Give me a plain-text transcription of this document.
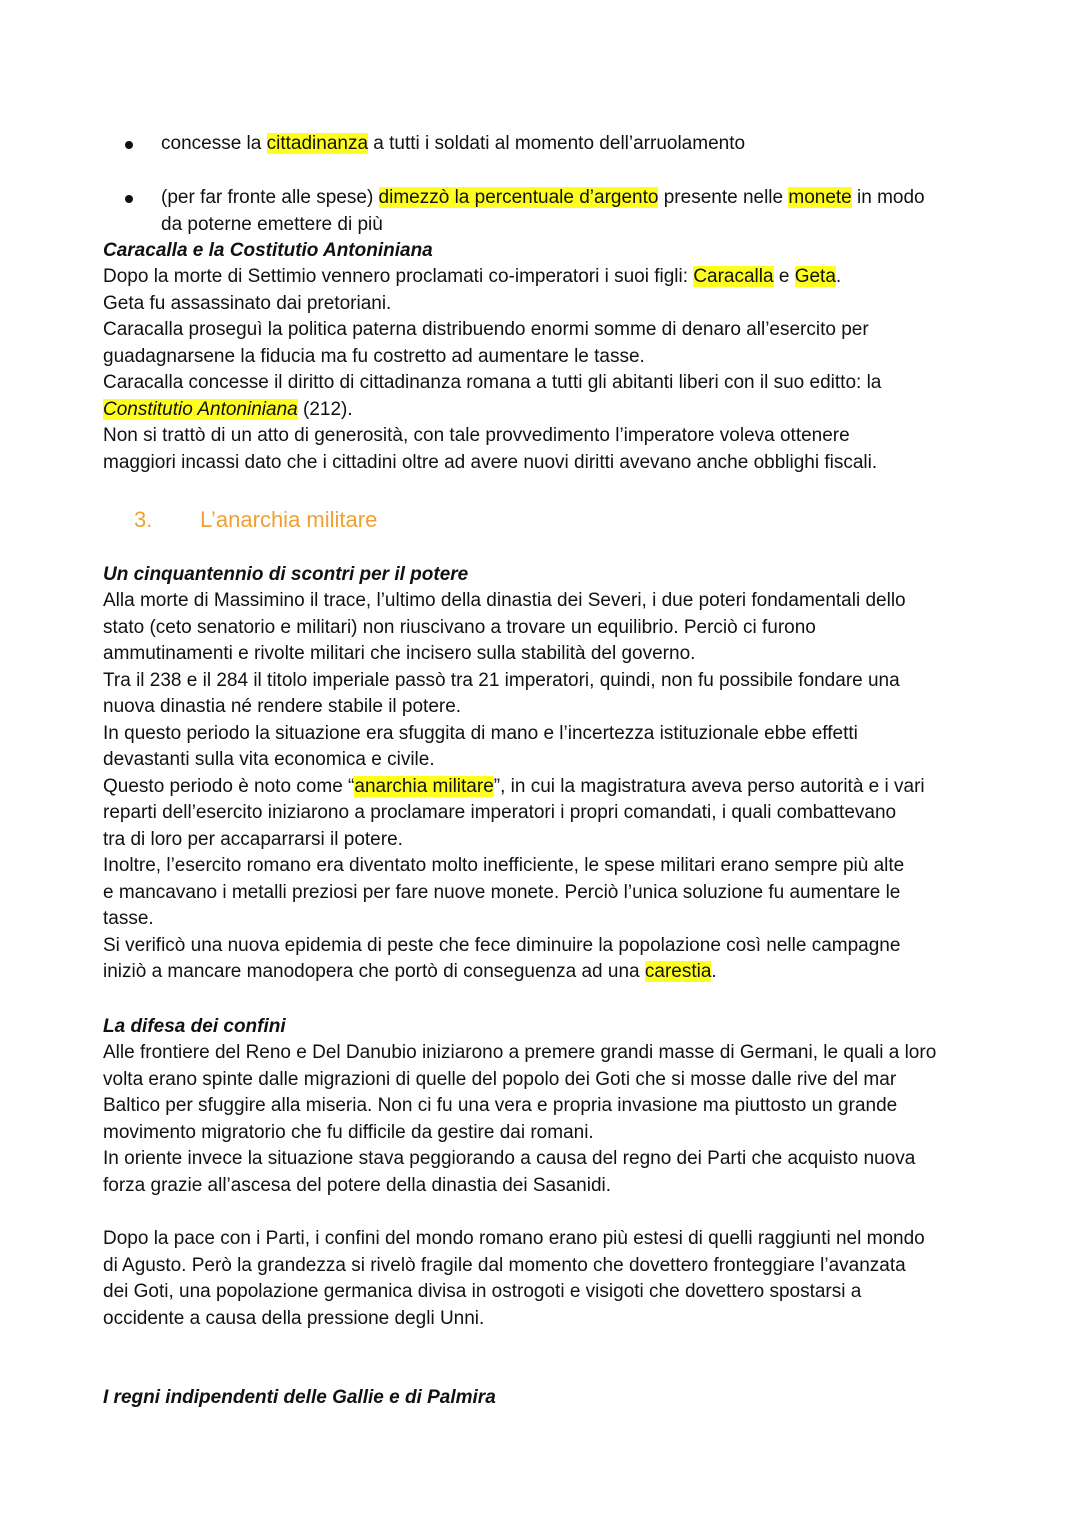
concesse la cittadinanza a tutti i soldati al momento dell’arruolamento
(per far fronte alle spese) dimezzò la percentuale d’argento presente nelle monete in modo
da poterne emettere di più
Caracalla e la Costitutio Antoniniana
Dopo la morte di Settimio vennero proclamati co-imperatori i suoi figli: Caracalla e Geta.
Geta fu assassinato dai pretoriani.
Caracalla proseguì la politica paterna distribuendo enormi somme di denaro all’esercito per
guadagnarsene la fiducia ma fu costretto ad aumentare le tasse.
Caracalla concesse il diritto di cittadinanza romana a tutti gli abitanti liberi con il suo editto: la
Constitutio Antoniniana (212).
Non si trattò di un atto di generosità, con tale provvedimento l’imperatore voleva ottenere
maggiori incassi dato che i cittadini oltre ad avere nuovi diritti avevano anche obblighi fiscali.
3. L’anarchia militare
Un cinquantennio di scontri per il potere
Alla morte di Massimino il trace, l’ultimo della dinastia dei Severi, i due poteri fondamentali dello
stato (ceto senatorio e militari) non riuscivano a trovare un equilibrio. Perciò ci furono
ammutinamenti e rivolte militari che incisero sulla stabilità del governo.
Tra il 238 e il 284 il titolo imperiale passò tra 21 imperatori, quindi, non fu possibile fondare una
nuova dinastia né rendere stabile il potere.
In questo periodo la situazione era sfuggita di mano e l’incertezza istituzionale ebbe effetti
devastanti sulla vita economica e civile.
Questo periodo è noto come “anarchia militare”, in cui la magistratura aveva perso autorità e i vari
reparti dell’esercito iniziarono a proclamare imperatori i propri comandati, i quali combattevano
tra di loro per accaparrarsi il potere.
Inoltre, l’esercito romano era diventato molto inefficiente, le spese militari erano sempre più alte
e mancavano i metalli preziosi per fare nuove monete. Perciò l’unica soluzione fu aumentare le
tasse.
Si verificò una nuova epidemia di peste che fece diminuire la popolazione così nelle campagne
iniziò a mancare manodopera che portò di conseguenza ad una carestia.
La difesa dei confini
Alle frontiere del Reno e Del Danubio iniziarono a premere grandi masse di Germani, le quali a loro
volta erano spinte dalle migrazioni di quelle del popolo dei Goti che si mosse dalle rive del mar
Baltico per sfuggire alla miseria. Non ci fu una vera e propria invasione ma piuttosto un grande
movimento migratorio che fu difficile da gestire dai romani.
In oriente invece la situazione stava peggiorando a causa del regno dei Parti che acquisto nuova
forza grazie all’ascesa del potere della dinastia dei Sasanidi.
Dopo la pace con i Parti, i confini del mondo romano erano più estesi di quelli raggiunti nel mondo
di Agusto. Però la grandezza si rivelò fragile dal momento che dovettero fronteggiare l’avanzata
dei Goti, una popolazione germanica divisa in ostrogoti e visigoti che dovettero spostarsi a
occidente a causa della pressione degli Unni.
I regni indipendenti delle Gallie e di Palmira
